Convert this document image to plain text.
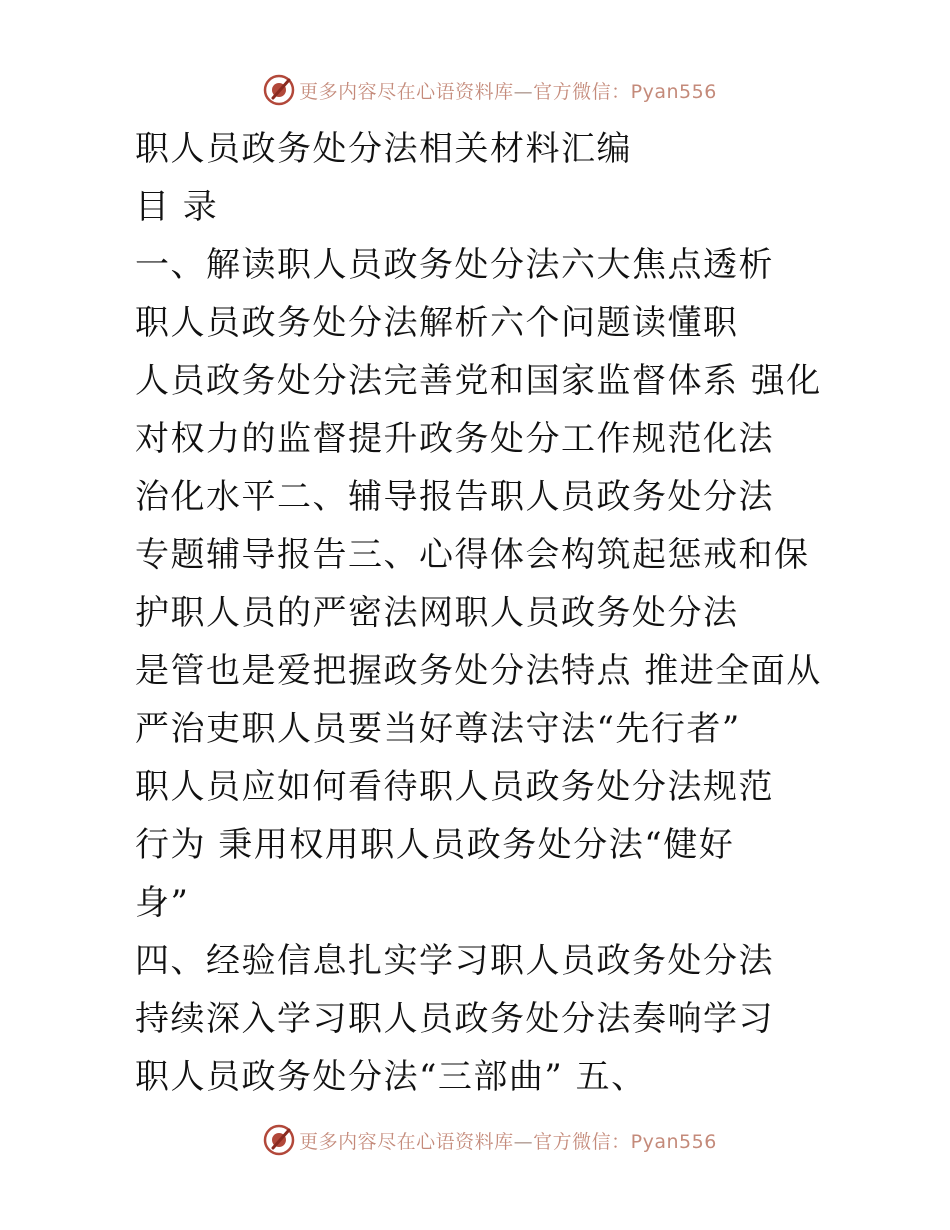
更多内容尽在心语资料库—官方微信：Pyan556
职人员政务处分法相关材料汇编
目 录
一、解读职人员政务处分法六大焦点透析
职人员政务处分法解析六个问题读懂职
人员政务处分法完善党和国家监督体系 强化
对权力的监督提升政务处分工作规范化法
治化水平二、辅导报告职人员政务处分法
专题辅导报告三、心得体会构筑起惩戒和保
护职人员的严密法网职人员政务处分法
是管也是爱把握政务处分法特点 推进全面从
严治吏职人员要当好尊法守法“先行者”
职人员应如何看待职人员政务处分法规范
行为 秉用权用职人员政务处分法“健好
身”
四、经验信息扎实学习职人员政务处分法
持续深入学习职人员政务处分法奏响学习
职人员政务处分法“三部曲” 五、
更多内容尽在心语资料库—官方微信：Pyan556
